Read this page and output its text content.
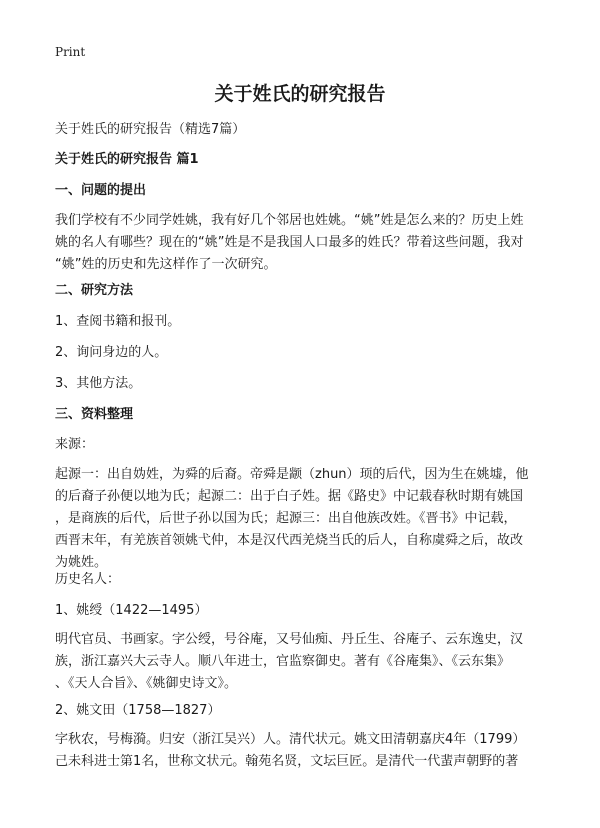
Print
关于姓氏的研究报告
关于姓氏的研究报告（精选7篇）
关于姓氏的研究报告 篇1
一、问题的提出
我们学校有不少同学姓姚，我有好几个邻居也姓姚。“姚”姓是怎么来的？历史上姓
姚的名人有哪些？现在的“姚”姓是不是我国人口最多的姓氏？带着这些问题，我对
“姚”姓的历史和先这样作了一次研究。
二、研究方法
1、查阅书籍和报刊。
2、询问身边的人。
3、其他方法。
三、资料整理
来源：
起源一：出自妫姓，为舜的后裔。帝舜是颛（zhun）顼的后代，因为生在姚墟，他
的后裔子孙便以地为氏；起源二：出于白子姓。据《路史》中记载春秋时期有姚国
，是商族的后代，后世子孙以国为氏；起源三：出自他族改姓。《晋书》中记载，
西晋末年，有羌族首领姚弋仲，本是汉代西羌烧当氏的后人，自称虞舜之后，故改
为姚姓。
历史名人：
1、姚绶（1422—1495）
明代官员、书画家。字公绶，号谷庵，又号仙痴、丹丘生、谷庵子、云东逸史，汉
族，浙江嘉兴大云寺人。顺八年进士，官监察御史。著有《谷庵集》、《云东集》
、《天人合旨》、《姚御史诗文》。
2、姚文田（1758—1827）
字秋农，号梅漪。归安（浙江吴兴）人。清代状元。姚文田清朝嘉庆4年（1799）
己未科进士第1名，世称文状元。翰苑名贤，文坛巨匠。是清代一代蜚声朝野的著
